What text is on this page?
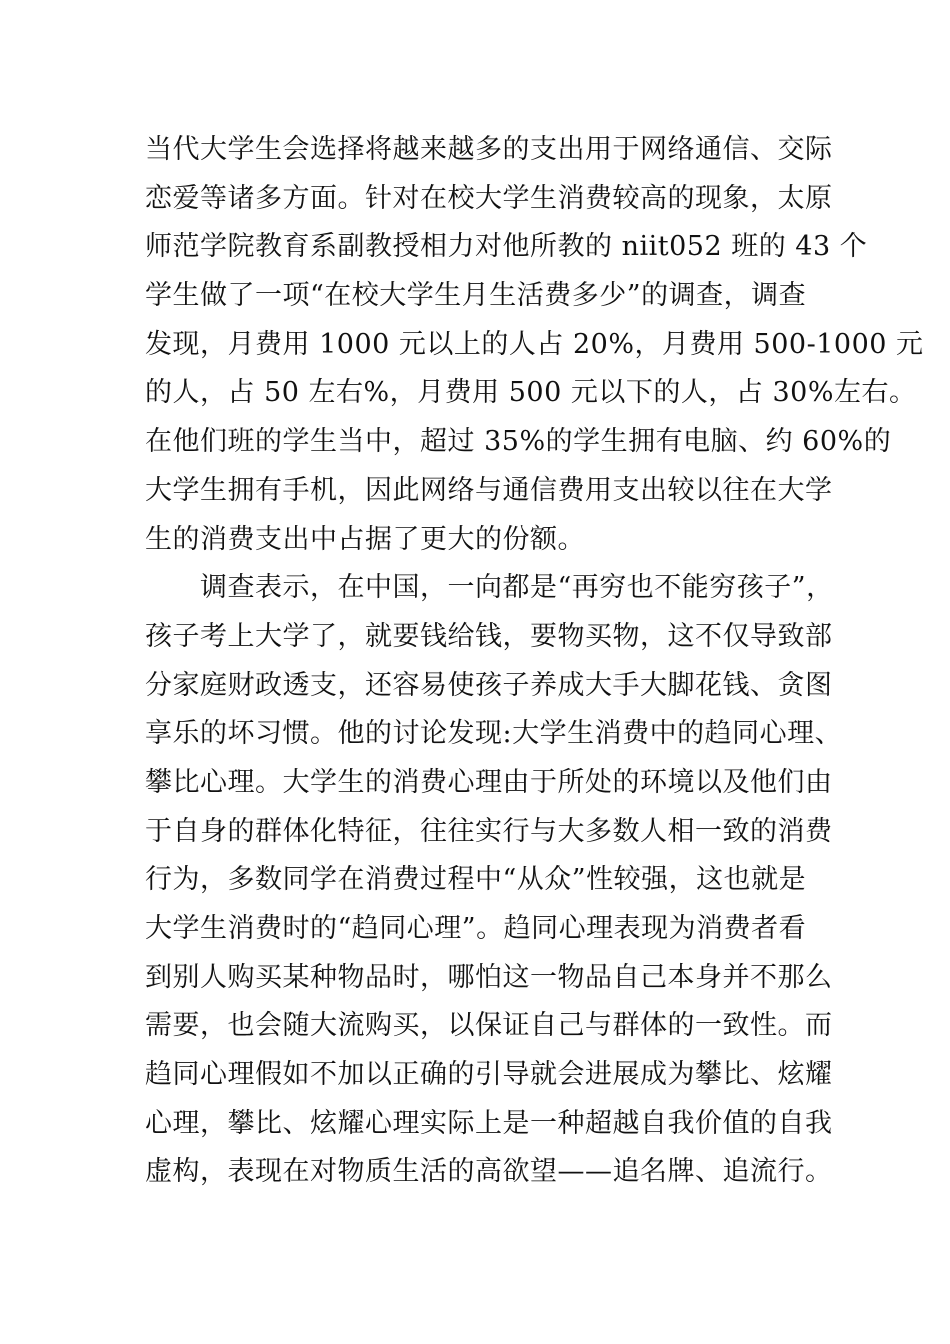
当代大学生会选择将越来越多的支出用于网络通信、交际
恋爱等诸多方面。针对在校大学生消费较高的现象，太原
师范学院教育系副教授相力对他所教的 niit052 班的 43 个
学生做了一项“在校大学生月生活费多少”的调查，调查
发现，月费用 1000 元以上的人占 20%，月费用 500-1000 元
的人，占 50 左右%，月费用 500 元以下的人，占 30%左右。
在他们班的学生当中，超过 35%的学生拥有电脑、约 60%的
大学生拥有手机，因此网络与通信费用支出较以往在大学
生的消费支出中占据了更大的份额。
调查表示，在中国，一向都是“再穷也不能穷孩子”，
孩子考上大学了，就要钱给钱，要物买物，这不仅导致部
分家庭财政透支，还容易使孩子养成大手大脚花钱、贪图
享乐的坏习惯。他的讨论发现:大学生消费中的趋同心理、
攀比心理。大学生的消费心理由于所处的环境以及他们由
于自身的群体化特征，往往实行与大多数人相一致的消费
行为，多数同学在消费过程中“从众”性较强，这也就是
大学生消费时的“趋同心理”。趋同心理表现为消费者看
到别人购买某种物品时，哪怕这一物品自己本身并不那么
需要，也会随大流购买，以保证自己与群体的一致性。而
趋同心理假如不加以正确的引导就会进展成为攀比、炫耀
心理，攀比、炫耀心理实际上是一种超越自我价值的自我
虚构，表现在对物质生活的高欲望——追名牌、追流行。
